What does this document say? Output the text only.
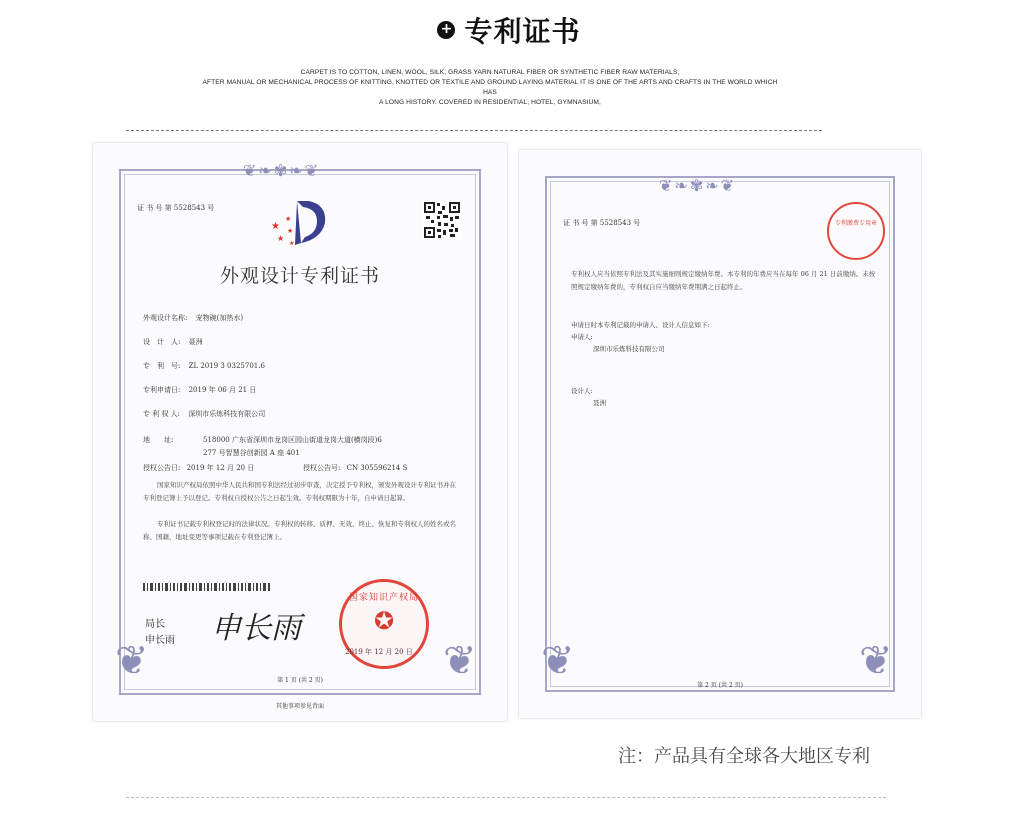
+ 专利证书
CARPET IS TO COTTON, LINEN, WOOL, SILK, GRASS YARN NATURAL FIBER OR SYNTHETIC FIBER RAW MATERIALS,
AFTER MANUAL OR MECHANICAL PROCESS OF KNITTING, KNOTTED OR TEXTILE AND GROUND LAYING MATERIAL IT IS ONE OF THE ARTS AND CRAFTS IN THE WORLD WHICH HAS
A LONG HISTORY. COVERED IN RESIDENTIAL, HOTEL, GYMNASIUM,
❦❧✾❧❦
❦	❦
证 书 号 第 5528543 号
★
★
★
★
★
外观设计专利证书
外观设计名称: 宠物碗(加热水)
设　计　人: 聂洲
专　利　号: ZL 2019 3 0325701.6
专利申请日: 2019 年 06 月 21 日
专 利 权 人: 深圳市乐炼科技有限公司
地　　址:	518000 广东省深圳市龙岗区园山街道龙岗大道(横岗段)6
277 号智慧谷创新园 A 座 401
授权公告日: 2019 年 12 月 20 日	授权公告号: CN 305596214 S
国家知识产权局依照中华人民共和国专利法经过初步审查，决定授予专利权，颁发外观设计专利证书并在专利登记簿上予以登记。专利权自授权公告之日起生效。专利权期限为十年，自申请日起算。
专利证书记载专利权登记时的法律状况。专利权的转移、质押、无效、终止、恢复和专利权人的姓名或名称、国籍、地址变更等事项记载在专利登记簿上。
局长
申长雨 申长雨
国家知识产权局
✪
2019 年 12 月 20 日
第 1 页 (共 2 页)
其他事项参见背面
❦❧✾❧❦
❦	❦
证 书 号 第 5528543 号	专利缴费专用章
专利权人应当依照专利法及其实施细则规定缴纳年费。本专利的年费应当在每年 06 月 21 日前缴纳。未按照规定缴纳年费的，专利权自应当缴纳年费期满之日起终止。
申请日时本专利记载的申请人、设计人信息如下:
申请人:
深圳市乐炼科技有限公司
设计人:
聂洲
第 2 页 (共 2 页)
注：产品具有全球各大地区专利
